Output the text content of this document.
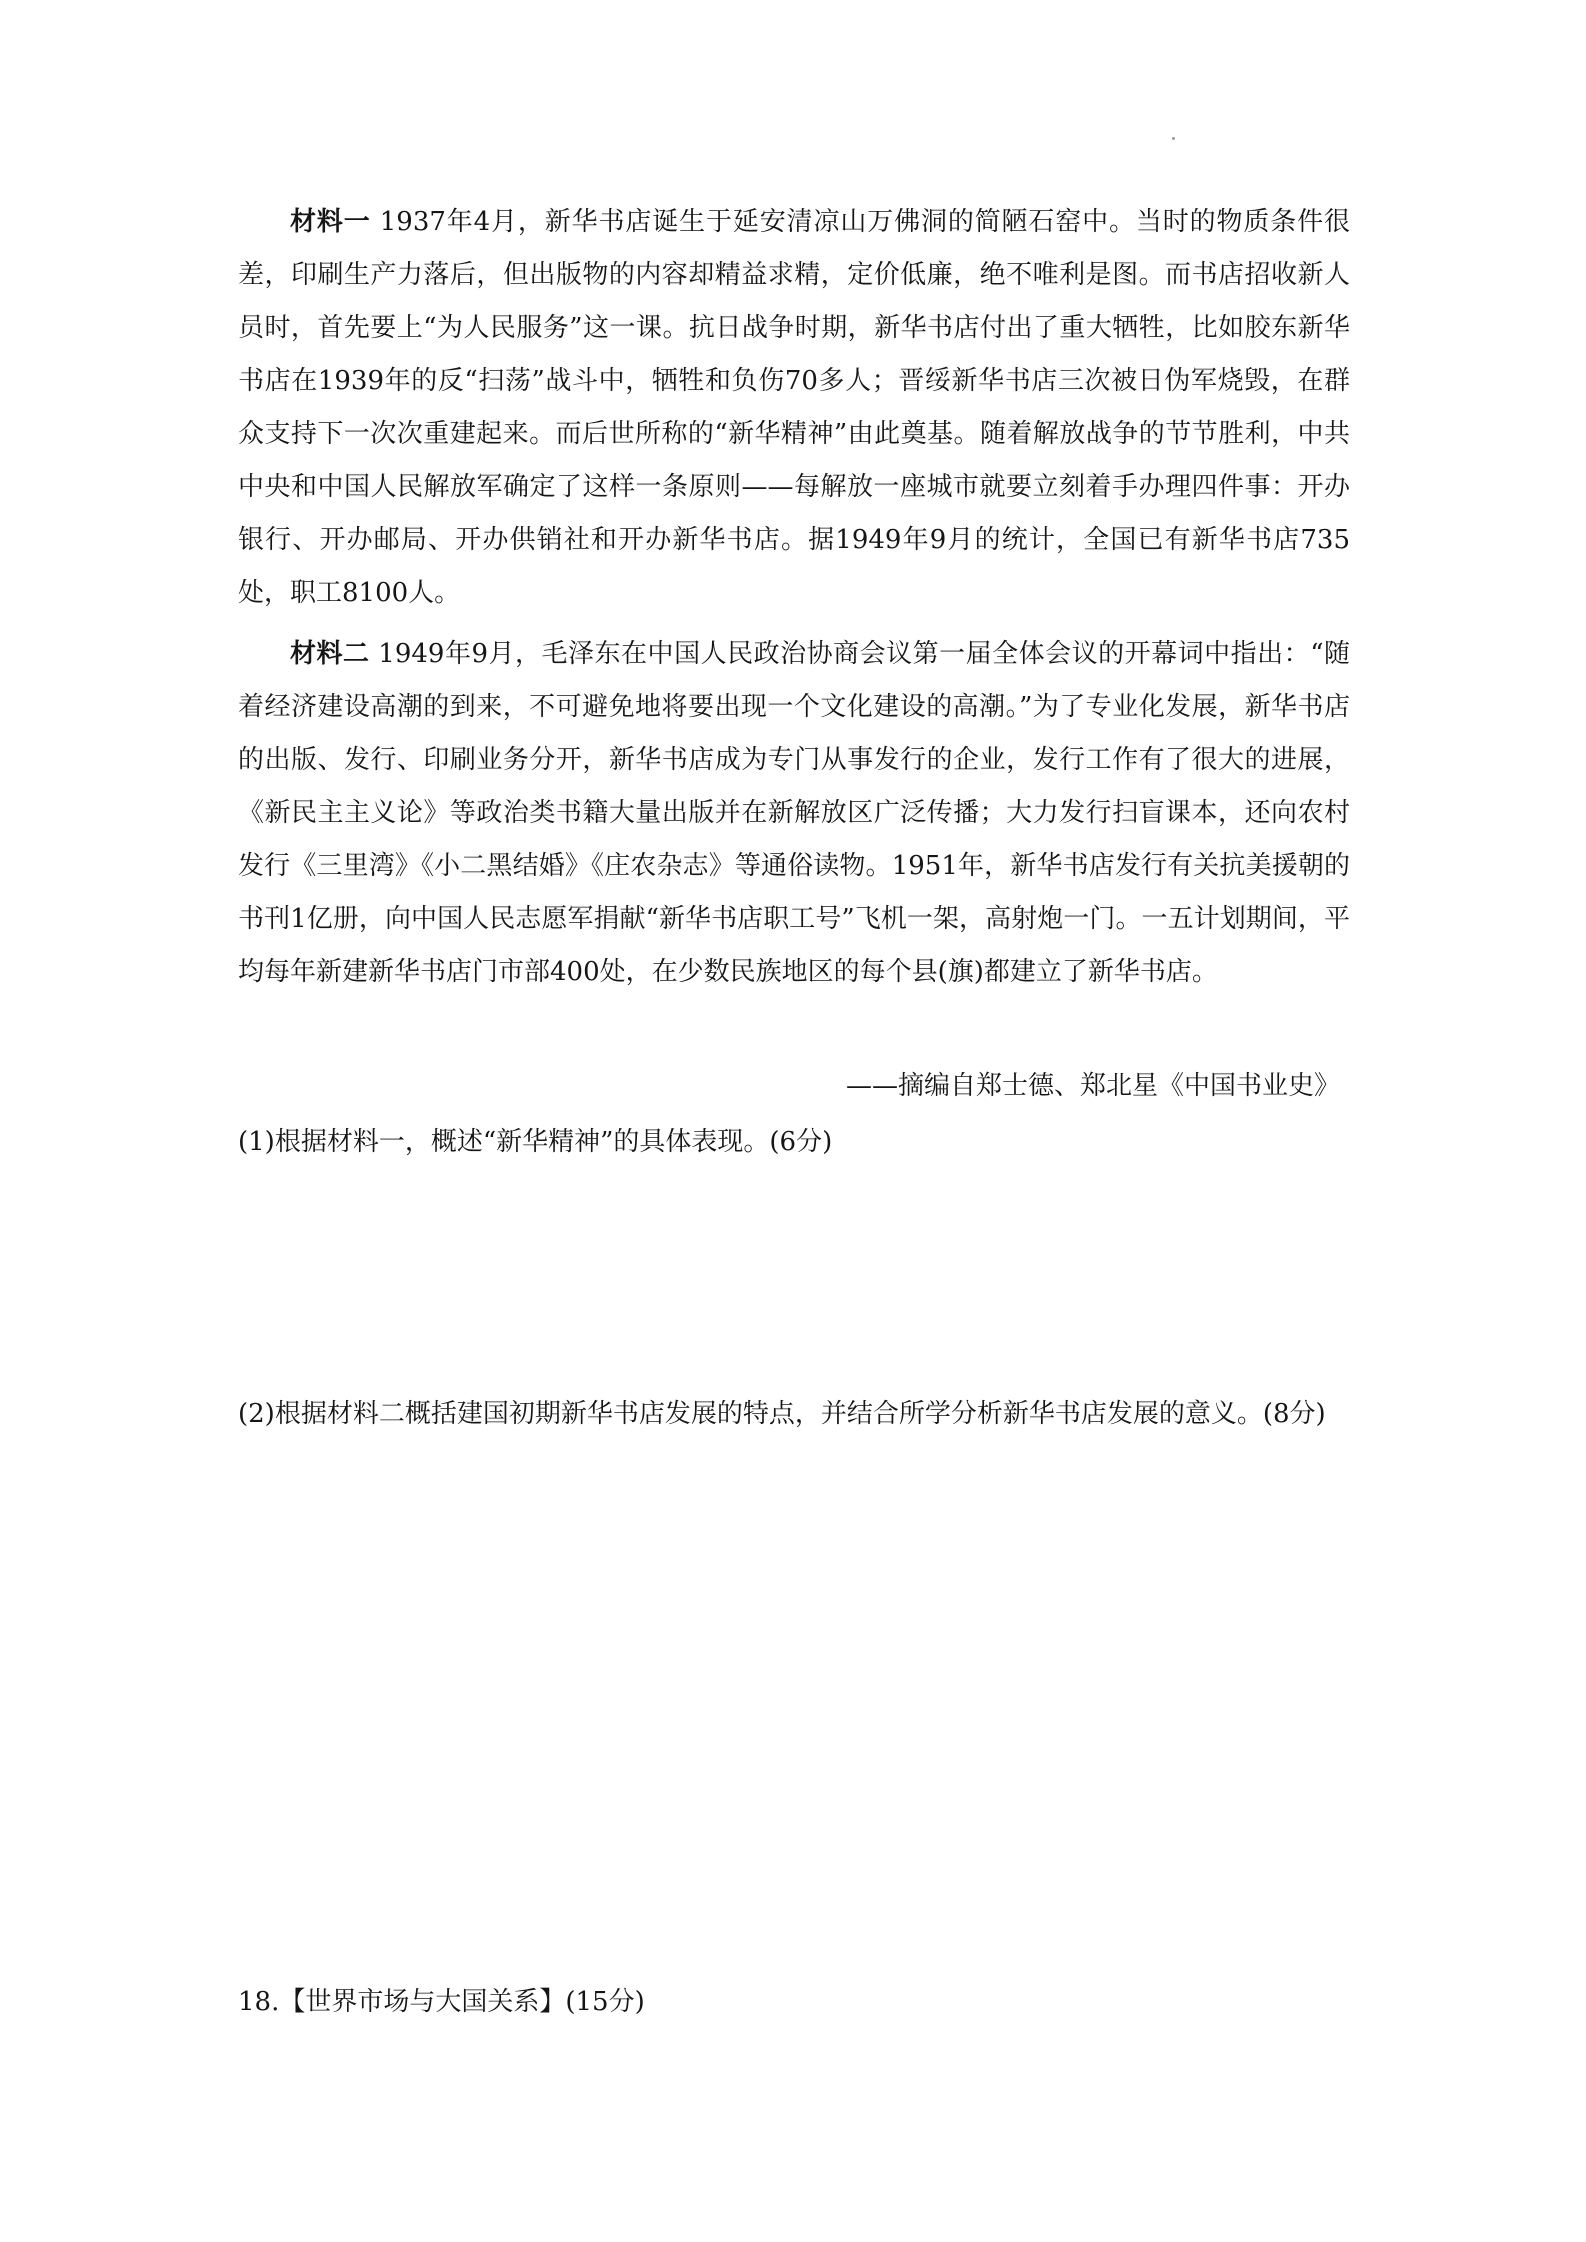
材料一 1937年4月，新华书店诞生于延安清凉山万佛洞的简陋石窑中。当时的物质条件很差，印刷生产力落后，但出版物的内容却精益求精，定价低廉，绝不唯利是图。而书店招收新人员时，首先要上“为人民服务”这一课。抗日战争时期，新华书店付出了重大牺牲，比如胶东新华书店在1939年的反“扫荡”战斗中，牺牲和负伤70多人；晋绥新华书店三次被日伪军烧毁，在群众支持下一次次重建起来。而后世所称的“新华精神”由此奠基。随着解放战争的节节胜利，中共中央和中国人民解放军确定了这样一条原则——每解放一座城市就要立刻着手办理四件事：开办银行、开办邮局、开办供销社和开办新华书店。据1949年9月的统计，全国已有新华书店735处，职工8100人。

材料二 1949年9月，毛泽东在中国人民政治协商会议第一届全体会议的开幕词中指出：“随着经济建设高潮的到来，不可避免地将要出现一个文化建设的高潮。”为了专业化发展，新华书店的出版、发行、印刷业务分开，新华书店成为专门从事发行的企业，发行工作有了很大的进展，《新民主主义论》等政治类书籍大量出版并在新解放区广泛传播；大力发行扫盲课本，还向农村发行《三里湾》《小二黑结婚》《庄农杂志》等通俗读物。1951年，新华书店发行有关抗美援朝的书刊1亿册，向中国人民志愿军捐献“新华书店职工号”飞机一架，高射炮一门。一五计划期间，平均每年新建新华书店门市部400处，在少数民族地区的每个县(旗)都建立了新华书店。

——摘编自郑士德、郑北星《中国书业史》
(1)根据材料一，概述“新华精神”的具体表现。(6分)
(2)根据材料二概括建国初期新华书店发展的特点，并结合所学分析新华书店发展的意义。(8分)
18.【世界市场与大国关系】(15分)
